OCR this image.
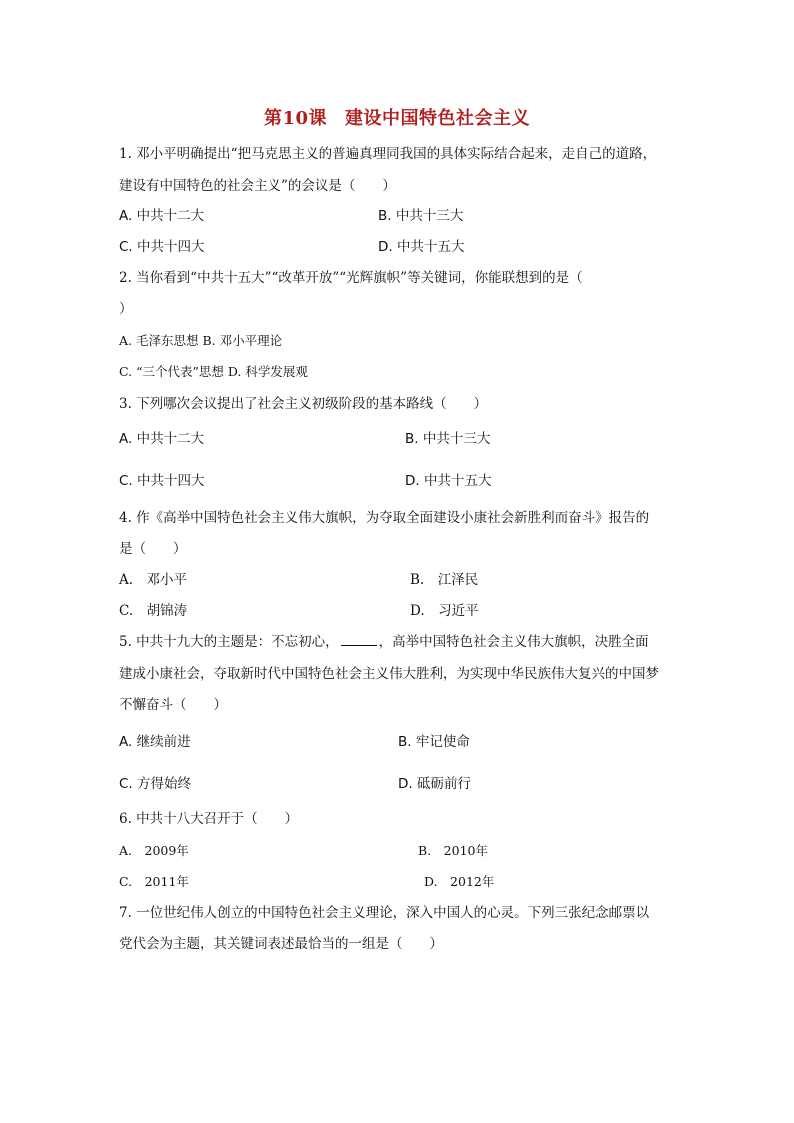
第10课 建设中国特色社会主义
1. 邓小平明确提出“把马克思主义的普遍真理同我国的具体实际结合起来，走自己的道路，
建设有中国特色的社会主义”的会议是（　　）
A. 中共十二大	B. 中共十三大
C. 中共十四大	D. 中共十五大
2. 当你看到“中共十五大”“改革开放”“光辉旗帜”等关键词，你能联想到的是（
）
A. 毛泽东思想 B. 邓小平理论
C. “三个代表”思想 D. 科学发展观
3. 下列哪次会议提出了社会主义初级阶段的基本路线（　　）
A. 中共十二大	B. 中共十三大
C. 中共十四大	D. 中共十五大
4. 作《高举中国特色社会主义伟大旗帜，为夺取全面建设小康社会新胜利而奋斗》报告的
是（　　）
A.　邓小平	B.　江泽民
C.　胡锦涛	D.　习近平
5. 中共十九大的主题是：不忘初心，	，高举中国特色社会主义伟大旗帜，决胜全面
建成小康社会，夺取新时代中国特色社会主义伟大胜利，为实现中华民族伟大复兴的中国梦
不懈奋斗（　　）
A. 继续前进	B. 牢记使命
C. 方得始终	D. 砥砺前行
6. 中共十八大召开于（　　）
A.　2009年	B.　2010年
C.　2011年	D.　2012年
7. 一位世纪伟人创立的中国特色社会主义理论，深入中国人的心灵。下列三张纪念邮票以
党代会为主题，其关键词表述最恰当的一组是（　　）
